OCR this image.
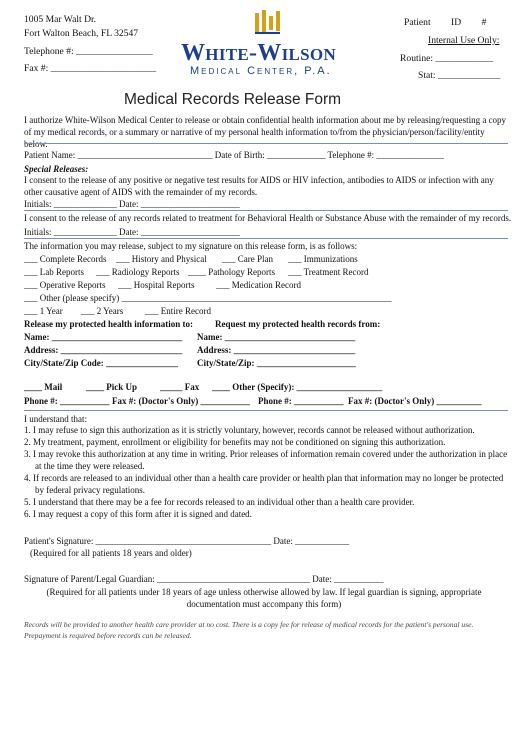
1005 Mar Walt Dr.
Fort Walton Beach, FL 32547
Telephone #: ________________
Fax #: ______________________
White-Wilson
Medical Center, P.A.
Patient ID #
Internal Use Only:
Routine: ____________
Stat: _____________
Medical Records Release Form
I authorize White-Wilson Medical Center to release or obtain confidential health information about me by releasing/requesting a copy of my medical records, or a summary or narrative of my personal health information to/from the physician/person/facility/entity below.
Patient Name: ______________________________ Date of Birth: _____________ Telephone #: _______________
Special Releases:
I consent to the release of any positive or negative test results for AIDS or HIV infection, antibodies to AIDS or infection with any other causative agent of AIDS with the remainder of my records.
Initials: ______________ Date: ______________________
I consent to the release of any records related to treatment for Behavioral Health or Substance Abuse with the remainder of my records.
Initials: ______________ Date: ______________________
The information you may release, subject to my signature on this release form, is as follows:
___ Complete Records ___ History and Physical ___ Care Plan ___ Immunizations
___ Lab Reports ___ Radiology Reports ____ Pathology Reports ___ Treatment Record
___ Operative Reports ___ Hospital Reports ___ Medication Record
___ Other (please specify) ____________________________________________________________
___ 1 Year ___ 2 Years ___ Entire Record
Release my protected health information to: Request my protected health records from:
Name: _____________________________
Address: ___________________________
City/State/Zip Code: ________________
Name: _____________________________
Address: ___________________________
City/State/Zip: ______________________
____ Mail	____ Pick Up	_____ Fax ____ Other (Specify): ___________________
Phone #: ___________ Fax #: (Doctor's Only) ___________ Phone #: ___________ Fax #: (Doctor's Only) __________
I understand that:
1. I may refuse to sign this authorization as it is strictly voluntary, however, records cannot be released without authorization.
2. My treatment, payment, enrollment or eligibility for benefits may not be conditioned on signing this authorization.
3. I may revoke this authorization at any time in writing. Prior releases of information remain covered under the authorization in place at the time they were released.
4. If records are released to an individual other than a health care provider or health plan that information may no longer be protected by federal privacy regulations.
5. I understand that there may be a fee for records released to an individual other than a health care provider.
6. I may request a copy of this form after it is signed and dated.
Patient's Signature: _______________________________________ Date: ____________
(Required for all patients 18 years and older)
Signature of Parent/Legal Guardian: __________________________________ Date: ___________
(Required for all patients under 18 years of age unless otherwise allowed by law. If legal guardian is signing, appropriate documentation must accompany this form)
Records will be provided to another health care provider at no cost. There is a copy fee for release of medical records for the patient's personal use. Prepayment is required before records can be released.
